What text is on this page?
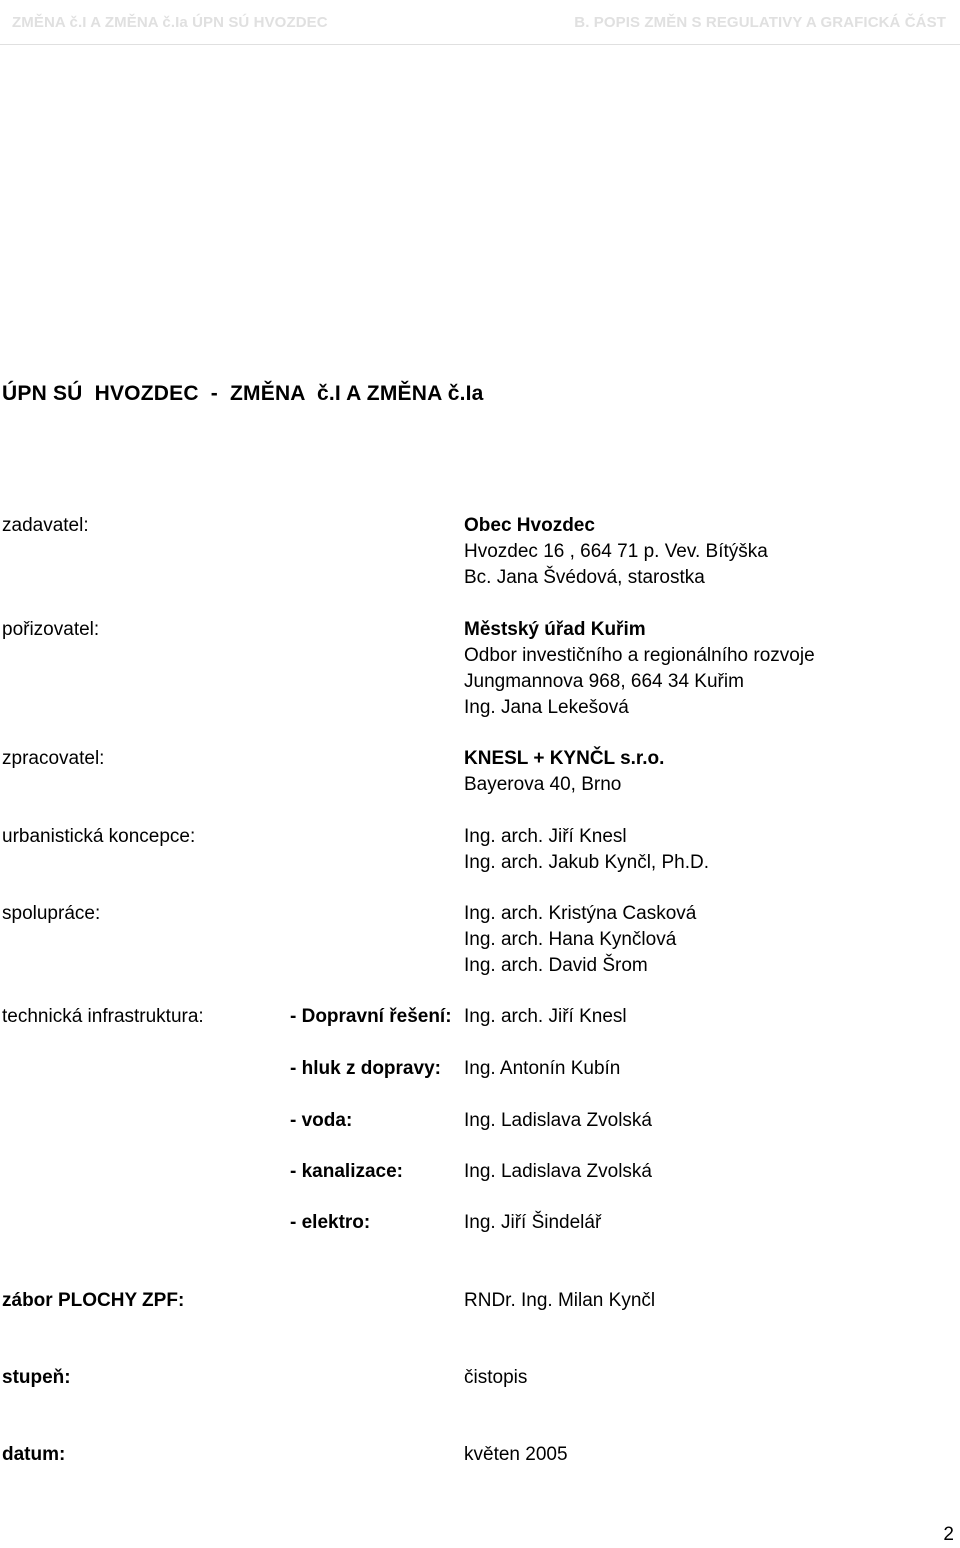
ZMĚNA č.I A ZMĚNA č.Ia ÚPN SÚ HVOZDEC	B. POPIS ZMĚN S REGULATIVY A GRAFICKÁ ČÁST
ÚPN SÚ  HVOZDEC  -  ZMĚNA  č.I A ZMĚNA č.Ia
zadavatel:	Obec Hvozdec
Hvozdec 16 , 664 71 p. Vev. Bítýška
Bc. Jana Švédová, starostka
pořizovatel:	Městský úřad Kuřim
Odbor investičního a regionálního rozvoje
Jungmannova 968, 664 34 Kuřim
Ing. Jana Lekešová
zpracovatel:	KNESL + KYNČL s.r.o.
Bayerova 40, Brno
urbanistická koncepce:	Ing. arch. Jiří Knesl
Ing. arch. Jakub Kynčl, Ph.D.
spolupráce:	Ing. arch. Kristýna Casková
Ing. arch. Hana Kynčlová
Ing. arch. David Šrom
technická infrastruktura:	- Dopravní řešení: Ing. arch. Jiří Knesl
- hluk z dopravy: Ing. Antonín Kubín
- voda:	Ing. Ladislava Zvolská
- kanalizace:	Ing. Ladislava Zvolská
- elektro:	Ing. Jiří Šindelář
zábor PLOCHY ZPF:	RNDr. Ing. Milan Kynčl
stupeň:	čistopis
datum:	květen 2005
2
